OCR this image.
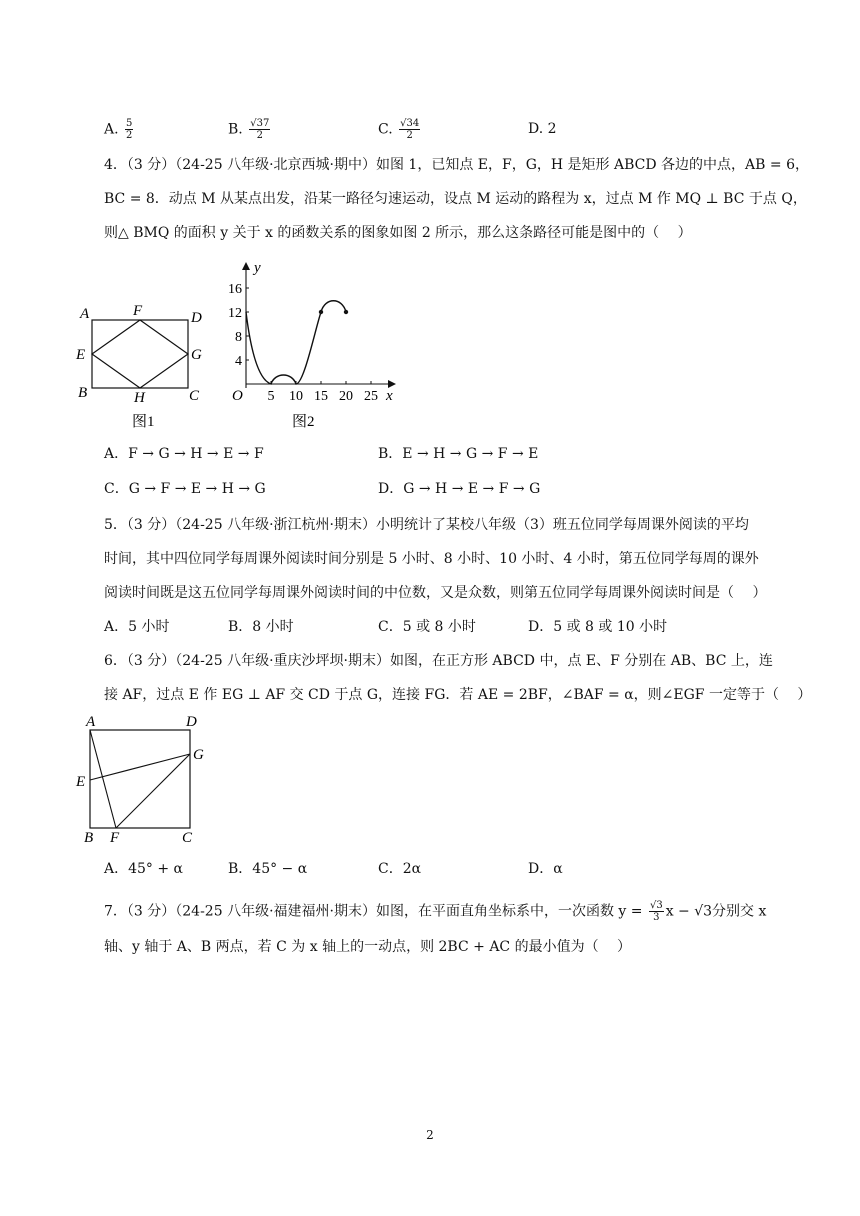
A. $\frac{5}{2}$	B. $\frac{√37}{2}$	C. $\frac{√34}{2}$	D. 2
4．（3 分）（24-25 八年级·北京西城·期中）如图 1，已知点 E，F，G，H 是矩形 ABCD 各边的中点，AB = 6，
BC = 8．动点 M 从某点出发，沿某一路径匀速运动，设点 M 运动的路程为 x，过点 M 作 MQ ⊥ BC 于点 Q，
则△ BMQ 的面积 y 关于 x 的函数关系的图象如图 2 所示，那么这条路径可能是图中的（　 ）
A	F	D
E	G
B	H	C
图1
y
x
O 5 10 15 20 25
4
8
12
16
图2
A．F → G → H → E → F	B．E → H → G → F → E
C．G → F → E → H → G	D．G → H → E → F → G
5．（3 分）（24-25 八年级·浙江杭州·期末）小明统计了某校八年级（3）班五位同学每周课外阅读的平均
时间，其中四位同学每周课外阅读时间分别是 5 小时、8 小时、10 小时、4 小时，第五位同学每周的课外
阅读时间既是这五位同学每周课外阅读时间的中位数，又是众数，则第五位同学每周课外阅读时间是（　 ）
A．5 小时	B．8 小时	C．5 或 8 小时	D．5 或 8 或 10 小时
6．（3 分）（24-25 八年级·重庆沙坪坝·期末）如图，在正方形 ABCD 中，点 E、F 分别在 AB、BC 上，连
接 AF，过点 E 作 EG ⊥ AF 交 CD 于点 G，连接 FG．若 AE = 2BF，∠BAF = α，则∠EGF 一定等于（　 ）
A	D
G
E
B F	C
A．45° + α	B．45° − α	C．2α	D．α
7．（3 分）（24-25 八年级·福建福州·期末）如图，在平面直角坐标系中，一次函数 $y = \frac{√3}{3}$ x − √3分别交 x
轴、y 轴于 A、B 两点，若 C 为 x 轴上的一动点，则 2BC + AC 的最小值为（　 ）
2
